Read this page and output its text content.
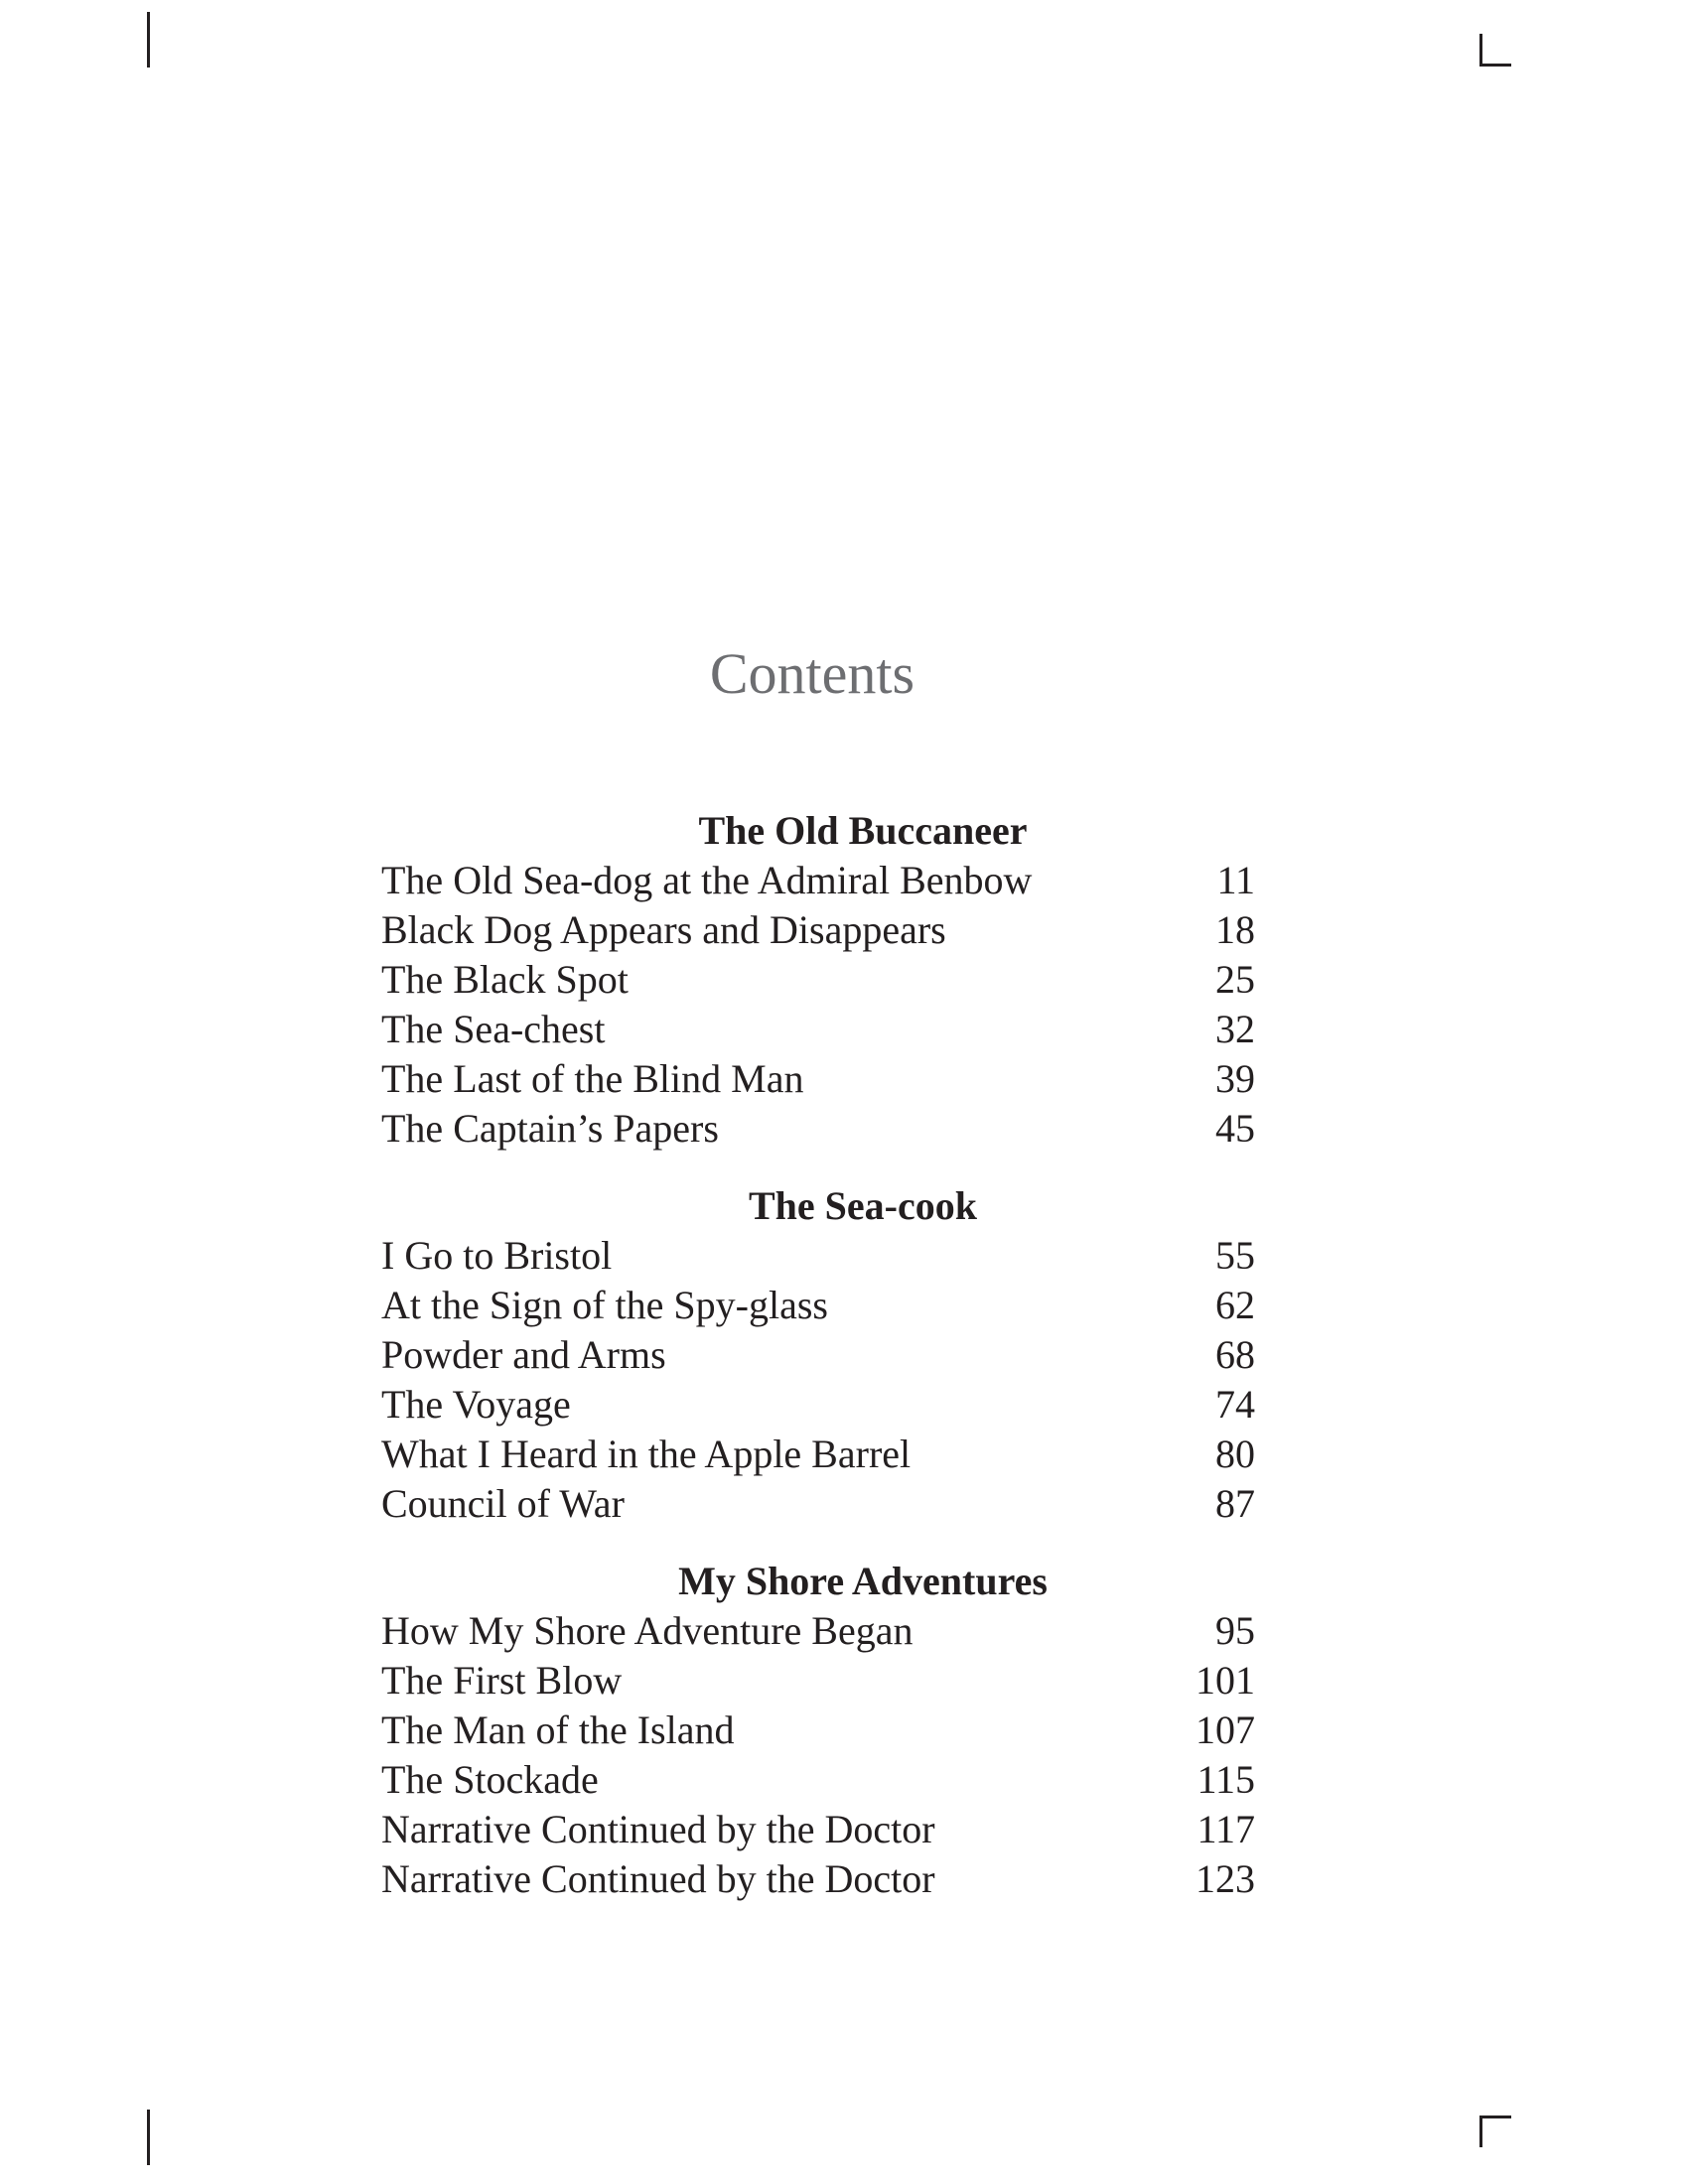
Contents
The Old Buccaneer
The Old Sea-dog at the Admiral Benbow	11
Black Dog Appears and Disappears	18
The Black Spot	25
The Sea-chest	32
The Last of the Blind Man	39
The Captain’s Papers	45
The Sea-cook
I Go to Bristol	55
At the Sign of the Spy-glass	62
Powder and Arms	68
The Voyage	74
What I Heard in the Apple Barrel	80
Council of War	87
My Shore Adventures
How My Shore Adventure Began	95
The First Blow	101
The Man of the Island	107
The Stockade	115
Narrative Continued by the Doctor	117
Narrative Continued by the Doctor	123
